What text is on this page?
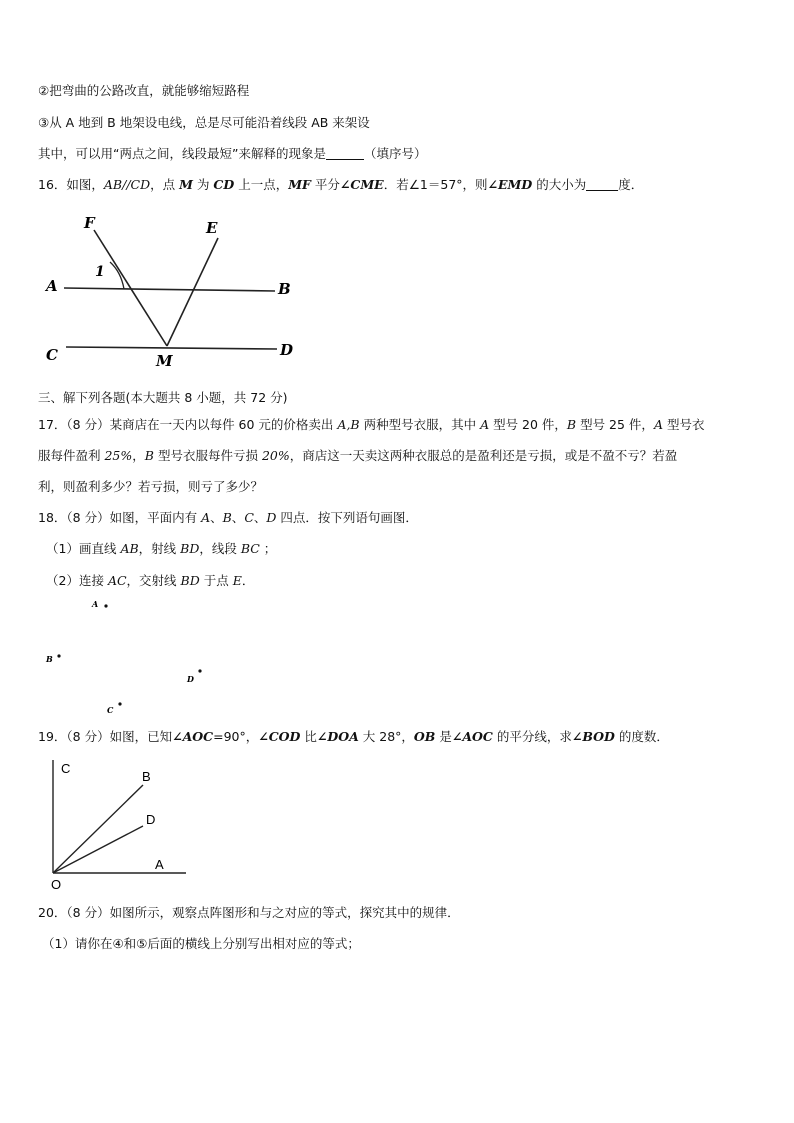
②把弯曲的公路改直，就能够缩短路程
③从 A 地到 B 地架设电线，总是尽可能沿着线段 AB 来架设
其中，可以用“两点之间，线段最短”来解释的现象是	（填序号）
16．如图，AB//CD，点 M 为 CD 上一点，MF 平分∠CME．若∠1＝57°，则∠EMD 的大小为	度．
F	E
1
A	B
C	M
D
三、解下列各题(本大题共 8 小题，共 72 分)
17．（8 分）某商店在一天内以每件 60 元的价格卖出 A,B 两种型号衣服，其中 A 型号 20 件，B 型号 25 件，A 型号衣
服每件盈利 25%，B 型号衣服每件亏损 20%，商店这一天卖这两种衣服总的是盈利还是亏损，或是不盈不亏？若盈
利，则盈利多少？若亏损，则亏了多少？
18．（8 分）如图，平面内有 A、B、C、D 四点．按下列语句画图．
（1）画直线 AB，射线 BD，线段 BC ；
（2）连接 AC，交射线 BD 于点 E．
A
B
D
C
19．（8 分）如图，已知∠AOC=90°，∠COD 比∠DOA 大 28°，OB 是∠AOC 的平分线，求∠BOD 的度数．
C
B
D
A
O
20．（8 分）如图所示，观察点阵图形和与之对应的等式，探究其中的规律．
（1）请你在④和⑤后面的横线上分别写出相对应的等式；
